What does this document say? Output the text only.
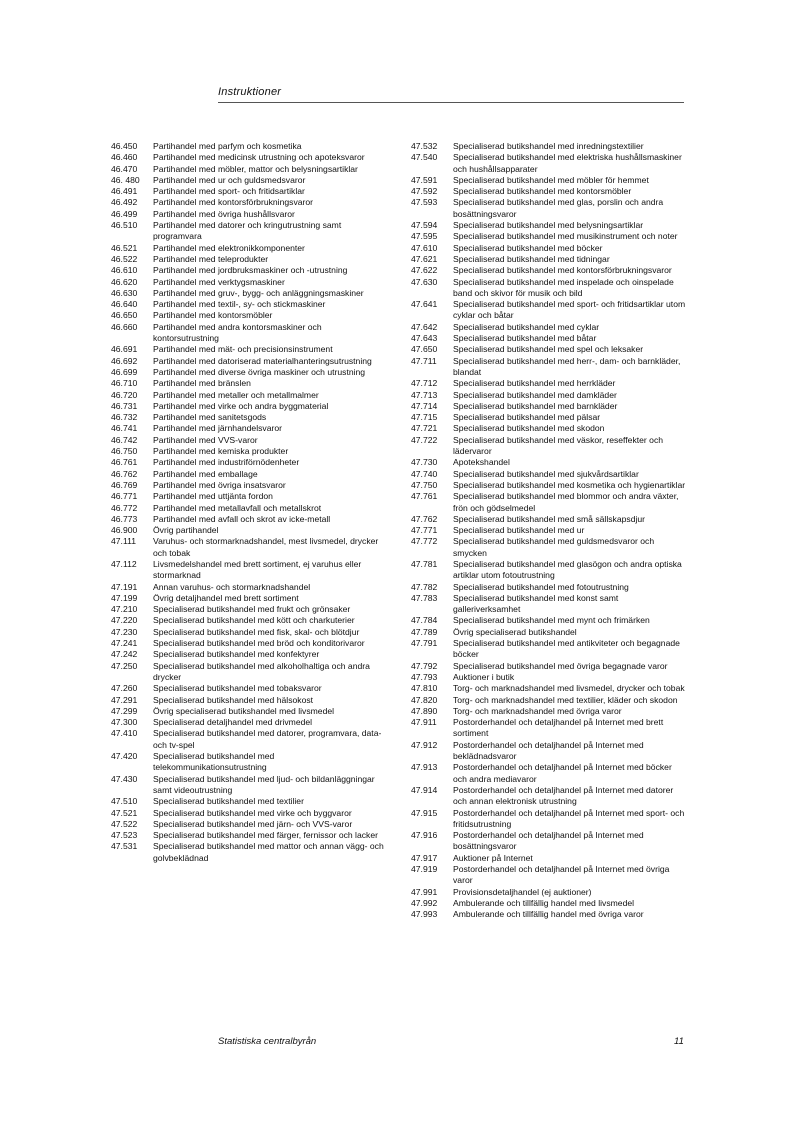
Instruktioner
46.450	Partihandel med parfym och kosmetika
46.460	Partihandel med medicinsk utrustning och apoteksvaror
46.470	Partihandel med möbler, mattor och belysningsartiklar
46. 480	Partihandel med ur och guldsmedsvaror
46.491	Partihandel med sport- och fritidsartiklar
46.492	Partihandel med kontorsförbrukningsvaror
46.499	Partihandel med övriga hushållsvaror
46.510	Partihandel med datorer och kringutrustning samt programvara
46.521	Partihandel med elektronikkomponenter
46.522	Partihandel med teleprodukter
46.610	Partihandel med jordbruksmaskiner och -utrustning
46.620	Partihandel med verktygsmaskiner
46.630	Partihandel med gruv-, bygg- och anläggningsmaskiner
46.640	Partihandel med textil-, sy- och stickmaskiner
46.650	Partihandel med kontorsmöbler
46.660	Partihandel med andra kontorsmaskiner och kontorsutrustning
46.691	Partihandel med mät- och precisionsinstrument
46.692	Partihandel med datoriserad materialhanteringsutrustning
46.699	Partihandel med diverse övriga maskiner och utrustning
46.710	Partihandel med bränslen
46.720	Partihandel med metaller och metallmalmer
46.731	Partihandel med virke och andra byggmaterial
46.732	Partihandel med sanitetsgods
46.741	Partihandel med järnhandelsvaror
46.742	Partihandel med VVS-varor
46.750	Partihandel med kemiska produkter
46.761	Partihandel med industriförnödenheter
46.762	Partihandel med emballage
46.769	Partihandel med övriga insatsvaror
46.771	Partihandel med uttjänta fordon
46.772	Partihandel med metallavfall och metallskrot
46.773	Partihandel med avfall och skrot av icke-metall
46.900	Övrig partihandel
47.111	Varuhus- och stormarknadshandel, mest livsmedel, drycker och tobak
47.112	Livsmedelshandel med brett sortiment, ej varuhus eller stormarknad
47.191	Annan varuhus- och stormarknadshandel
47.199	Övrig detaljhandel med brett sortiment
47.210	Specialiserad butikshandel med frukt och grönsaker
47.220	Specialiserad butikshandel med kött och charkuterier
47.230	Specialiserad butikshandel med fisk, skal- och blötdjur
47.241	Specialiserad butikshandel med bröd och konditorivaror
47.242	Specialiserad butikshandel med konfektyrer
47.250	Specialiserad butikshandel med alkoholhaltiga och andra drycker
47.260	Specialiserad butikshandel med tobaksvaror
47.291	Specialiserad butikshandel med hälsokost
47.299	Övrig specialiserad butikshandel med livsmedel
47.300	Specialiserad detaljhandel med drivmedel
47.410	Specialiserad butikshandel med datorer, programvara, data- och tv-spel
47.420	Specialiserad butikshandel med telekommunikationsutrustning
47.430	Specialiserad butikshandel med ljud- och bildanläggningar samt videoutrustning
47.510	Specialiserad butikshandel med textilier
47.521	Specialiserad butikshandel med virke och byggvaror
47.522	Specialiserad butikshandel med järn- och VVS-varor
47.523	Specialiserad butikshandel med färger, fernissor och lacker
47.531	Specialiserad butikshandel med mattor och annan vägg- och golvbeklädnad
47.532	Specialiserad butikshandel med inredningstextilier
47.540	Specialiserad butikshandel med elektriska hushållsmaskiner och hushållsapparater
47.591	Specialiserad butikshandel med möbler för hemmet
47.592	Specialiserad butikshandel med kontorsmöbler
47.593	Specialiserad butikshandel med glas, porslin och andra bosättningsvaror
47.594	Specialiserad butikshandel med belysningsartiklar
47.595	Specialiserad butikshandel med musikinstrument och noter
47.610	Specialiserad butikshandel med böcker
47.621	Specialiserad butikshandel med tidningar
47.622	Specialiserad butikshandel med kontorsförbrukningsvaror
47.630	Specialiserad butikshandel med inspelade och oinspelade band och skivor för musik och bild
47.641	Specialiserad butikshandel med sport- och fritidsartiklar utom cyklar och båtar
47.642	Specialiserad butikshandel med cyklar
47.643	Specialiserad butikshandel med båtar
47.650	Specialiserad butikshandel med spel och leksaker
47.711	Specialiserad butikshandel med herr-, dam- och barnkläder, blandat
47.712	Specialiserad butikshandel med herrkläder
47.713	Specialiserad butikshandel med damkläder
47.714	Specialiserad butikshandel med barnkläder
47.715	Specialiserad butikshandel med pälsar
47.721	Specialiserad butikshandel med skodon
47.722	Specialiserad butikshandel med väskor, reseffekter och lädervaror
47.730	Apotekshandel
47.740	Specialiserad butikshandel med sjukvårdsartiklar
47.750	Specialiserad butikshandel med kosmetika och hygienartiklar
47.761	Specialiserad butikshandel med blommor och andra växter, frön och gödselmedel
47.762	Specialiserad butikshandel med små sällskapsdjur
47.771	Specialiserad butikshandel med ur
47.772	Specialiserad butikshandel med guldsmedsvaror och smycken
47.781	Specialiserad butikshandel med glasögon och andra optiska artiklar utom fotoutrustning
47.782	Specialiserad butikshandel med fotoutrustning
47.783	Specialiserad butikshandel med konst samt galleriverksamhet
47.784	Specialiserad butikshandel med mynt och frimärken
47.789	Övrig specialiserad butikshandel
47.791	Specialiserad butikshandel med antikviteter och begagnade böcker
47.792	Specialiserad butikshandel med övriga begagnade varor
47.793	Auktioner i butik
47.810	Torg- och marknadshandel med livsmedel, drycker och tobak
47.820	Torg- och marknadshandel med textilier, kläder och skodon
47.890	Torg- och marknadshandel med övriga varor
47.911	Postorderhandel och detaljhandel på Internet med brett sortiment
47.912	Postorderhandel och detaljhandel på Internet med beklädnadsvaror
47.913	Postorderhandel och detaljhandel på Internet med böcker och andra mediavaror
47.914	Postorderhandel och detaljhandel på Internet med datorer och annan elektronisk utrustning
47.915	Postorderhandel och detaljhandel på Internet med sport- och fritidsutrustning
47.916	Postorderhandel och detaljhandel på Internet med bosättningsvaror
47.917	Auktioner på Internet
47.919	Postorderhandel och detaljhandel på Internet med övriga varor
47.991	Provisionsdetaljhandel (ej auktioner)
47.992	Ambulerande och tillfällig handel med livsmedel
47.993	Ambulerande och tillfällig handel med övriga varor
Statistiska centralbyrån	11
